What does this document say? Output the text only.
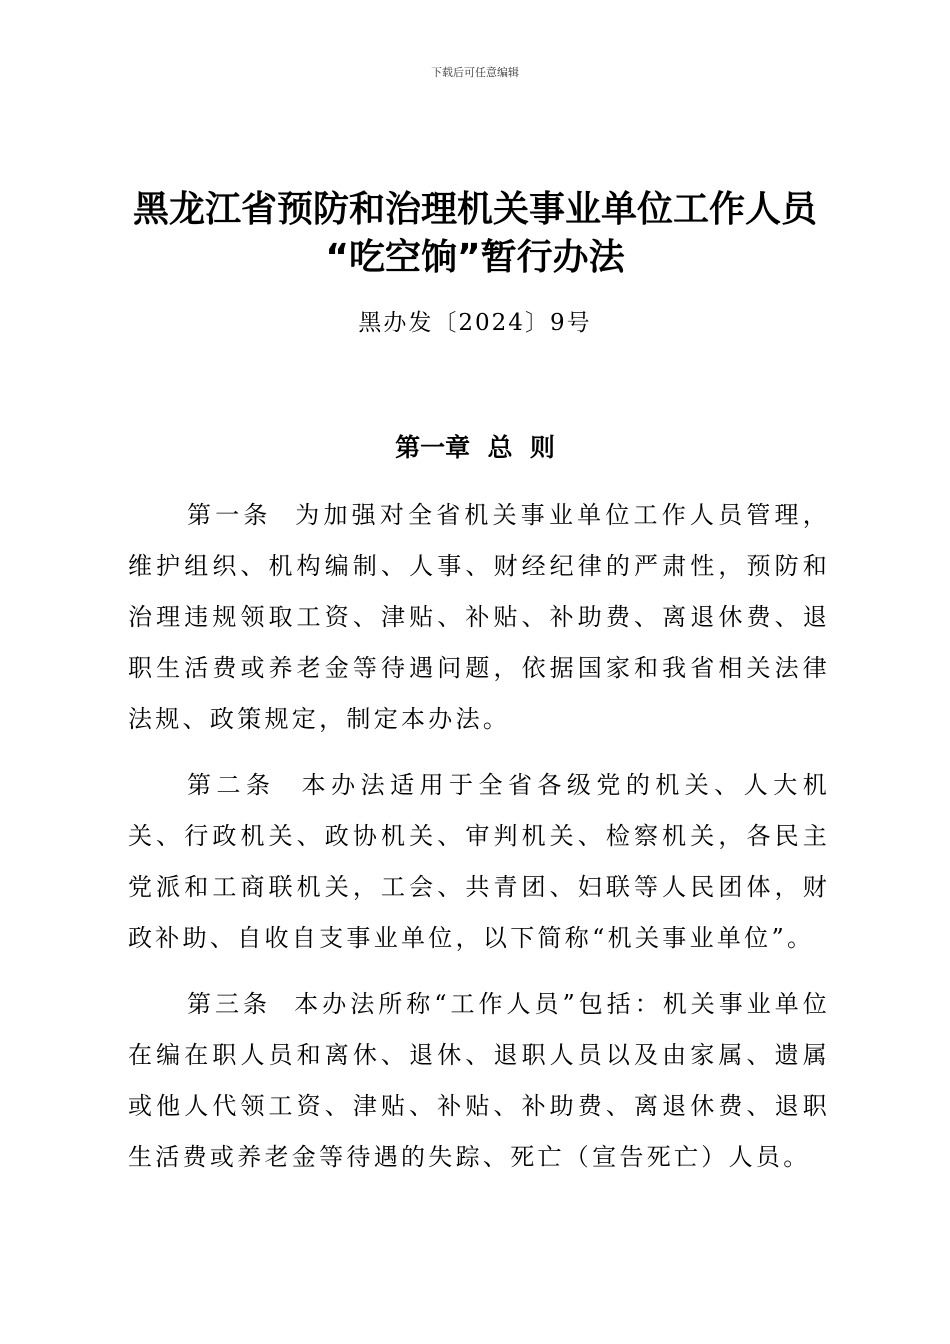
下载后可任意编辑
黑龙江省预防和治理机关事业单位工作人员
“吃空饷”暂行办法
黑办发〔2024〕9号
第一章  总  则

第一条  为加强对全省机关事业单位工作人员管理，维护组织、机构编制、人事、财经纪律的严肃性，预防和治理违规领取工资、津贴、补贴、补助费、离退休费、退职生活费或养老金等待遇问题，依据国家和我省相关法律法规、政策规定，制定本办法。

第二条  本办法适用于全省各级党的机关、人大机关、行政机关、政协机关、审判机关、检察机关，各民主党派和工商联机关，工会、共青团、妇联等人民团体，财政补助、自收自支事业单位，以下简称“机关事业单位”。

第三条  本办法所称“工作人员”包括：机关事业单位在编在职人员和离休、退休、退职人员以及由家属、遗属或他人代领工资、津贴、补贴、补助费、离退休费、退职生活费或养老金等待遇的失踪、死亡（宣告死亡）人员。
